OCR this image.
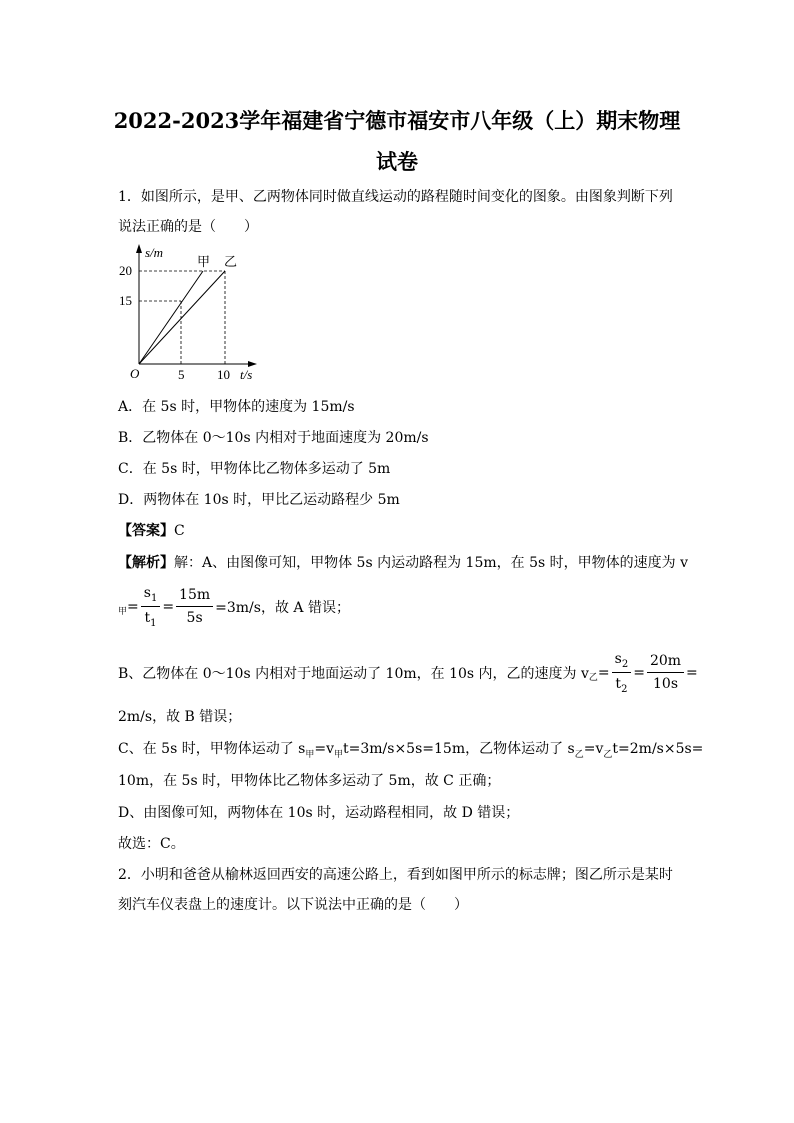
2022-2023学年福建省宁德市福安市八年级（上）期末物理
试卷
1．如图所示，是甲、乙两物体同时做直线运动的路程随时间变化的图象。由图象判断下列
说法正确的是（　　）
s/m
甲 乙
20
15
O	5	10 t/s
A．在 5s 时，甲物体的速度为 15m/s
B．乙物体在 0～10s 内相对于地面速度为 20m/s
C．在 5s 时，甲物体比乙物体多运动了 5m
D．两物体在 10s 时，甲比乙运动路程少 5m
【答案】C
【解析】解：A、由图像可知，甲物体 5s 内运动路程为 15m，在 5s 时，甲物体的速度为 v
甲 = $\frac{s_1}{t_1} = \frac{15m}{5s} =3m/s$，故 A 错误；
B、乙物体在 0～10s 内相对于地面运动了 10m，在 10s 内，乙的速度为 v 乙 = $\frac{s_2}{t_2} = \frac{20m}{10s}$ =
2m/s，故 B 错误；
C、在 5s 时，甲物体运动了 $s_甲=v_甲t=3m/s\times 5s=15m$，乙物体运动了 $s_乙=v_乙t=2m/s\times 5s=$
10m，在 5s 时，甲物体比乙物体多运动了 5m，故 C 正确；
D、由图像可知，两物体在 10s 时，运动路程相同，故 D 错误；
故选：C。
2．小明和爸爸从榆林返回西安的高速公路上，看到如图甲所示的标志牌；图乙所示是某时
刻汽车仪表盘上的速度计。以下说法中正确的是（　　）
